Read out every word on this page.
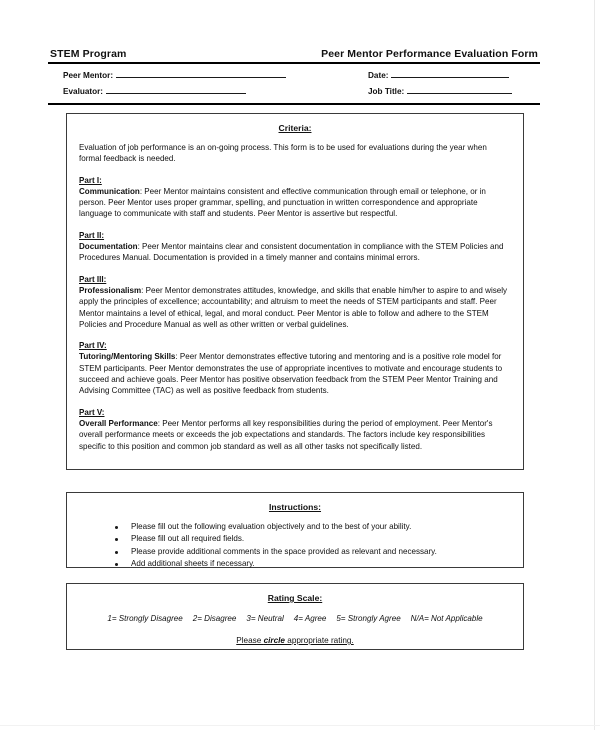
STEM Program	Peer Mentor Performance Evaluation Form
Peer Mentor:	Date:
Evaluator:	Job Title:
Criteria:
Evaluation of job performance is an on-going process. This form is to be used for evaluations during the year when formal feedback is needed.
Part I:
Communication: Peer Mentor maintains consistent and effective communication through email or telephone, or in person. Peer Mentor uses proper grammar, spelling, and punctuation in written correspondence and appropriate language to communicate with staff and students. Peer Mentor is assertive but respectful.
Part II:
Documentation: Peer Mentor maintains clear and consistent documentation in compliance with the STEM Policies and Procedures Manual. Documentation is provided in a timely manner and contains minimal errors.
Part III:
Professionalism: Peer Mentor demonstrates attitudes, knowledge, and skills that enable him/her to aspire to and wisely apply the principles of excellence; accountability; and altruism to meet the needs of STEM participants and staff. Peer Mentor maintains a level of ethical, legal, and moral conduct. Peer Mentor is able to follow and adhere to the STEM Policies and Procedure Manual as well as other written or verbal guidelines.
Part IV:
Tutoring/Mentoring Skills: Peer Mentor demonstrates effective tutoring and mentoring and is a positive role model for STEM participants. Peer Mentor demonstrates the use of appropriate incentives to motivate and encourage students to succeed and achieve goals. Peer Mentor has positive observation feedback from the STEM Peer Mentor Training and Advising Committee (TAC) as well as positive feedback from students.
Part V:
Overall Performance: Peer Mentor performs all key responsibilities during the period of employment. Peer Mentor's overall performance meets or exceeds the job expectations and standards. The factors include key responsibilities specific to this position and common job standard as well as all other tasks not specifically listed.
Instructions:
Please fill out the following evaluation objectively and to the best of your ability.
Please fill out all required fields.
Please provide additional comments in the space provided as relevant and necessary.
Add additional sheets if necessary.
Rating Scale:
1= Strongly Disagree 2= Disagree 3= Neutral 4= Agree 5= Strongly Agree N/A= Not Applicable
Please circle appropriate rating.
